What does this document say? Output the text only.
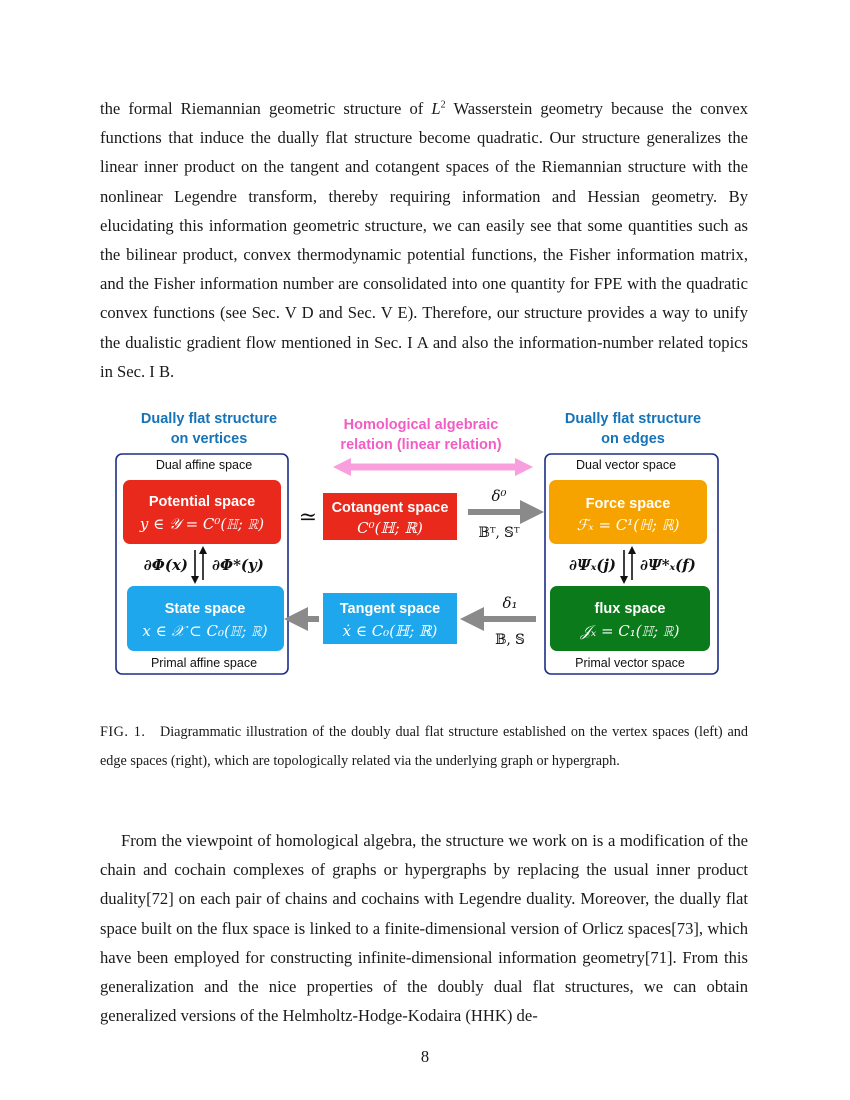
the formal Riemannian geometric structure of $L^2$ Wasserstein geometry because the convex functions that induce the dually flat structure become quadratic. Our structure generalizes the linear inner product on the tangent and cotangent spaces of the Riemannian structure with the nonlinear Legendre transform, thereby requiring information and Hessian geometry. By elucidating this information geometric structure, we can easily see that some quantities such as the bilinear product, convex thermodynamic potential functions, the Fisher information matrix, and the Fisher information number are consolidated into one quantity for FPE with the quadratic convex functions (see Sec. V D and Sec. V E). Therefore, our structure provides a way to unify the dualistic gradient flow mentioned in Sec. I A and also the information-number related topics in Sec. I B.

Dually flat structure
on vertices
Dually flat structure
on edges
Homological algebraic
relation (linear relation)
Dual affine space
Primal affine space
Dual vector space
Primal vector space
Potential space
State space
Cotangent space
Tangent space
Force space
flux space
y ∈ 𝒴 = C⁰(ℍ; ℝ)
x ∈ 𝒳 ⊂ C₀(ℍ; ℝ)
C⁰(ℍ; ℝ)
ẋ ∈ C₀(ℍ; ℝ)
ℱₓ = C¹(ℍ; ℝ)
𝒥ₓ = C₁(ℍ; ℝ)
≃
∂Φ(x) ∂Φ*(y)	∂Ψₓ(j) ∂Ψ*ₓ(f)
δ⁰
𝔹ᵀ, 𝕊ᵀ
δ₁
𝔹, 𝕊

FIG. 1. Diagrammatic illustration of the doubly dual flat structure established on the vertex spaces (left) and edge spaces (right), which are topologically related via the underlying graph or hypergraph.

From the viewpoint of homological algebra, the structure we work on is a modification of the chain and cochain complexes of graphs or hypergraphs by replacing the usual inner product duality[72] on each pair of chains and cochains with Legendre duality. Moreover, the dually flat space built on the flux space is linked to a finite-dimensional version of Orlicz spaces[73], which have been employed for constructing infinite-dimensional information geometry[71]. From this generalization and the nice properties of the doubly dual flat structures, we can obtain generalized versions of the Helmholtz-Hodge-Kodaira (HHK) de-

8
